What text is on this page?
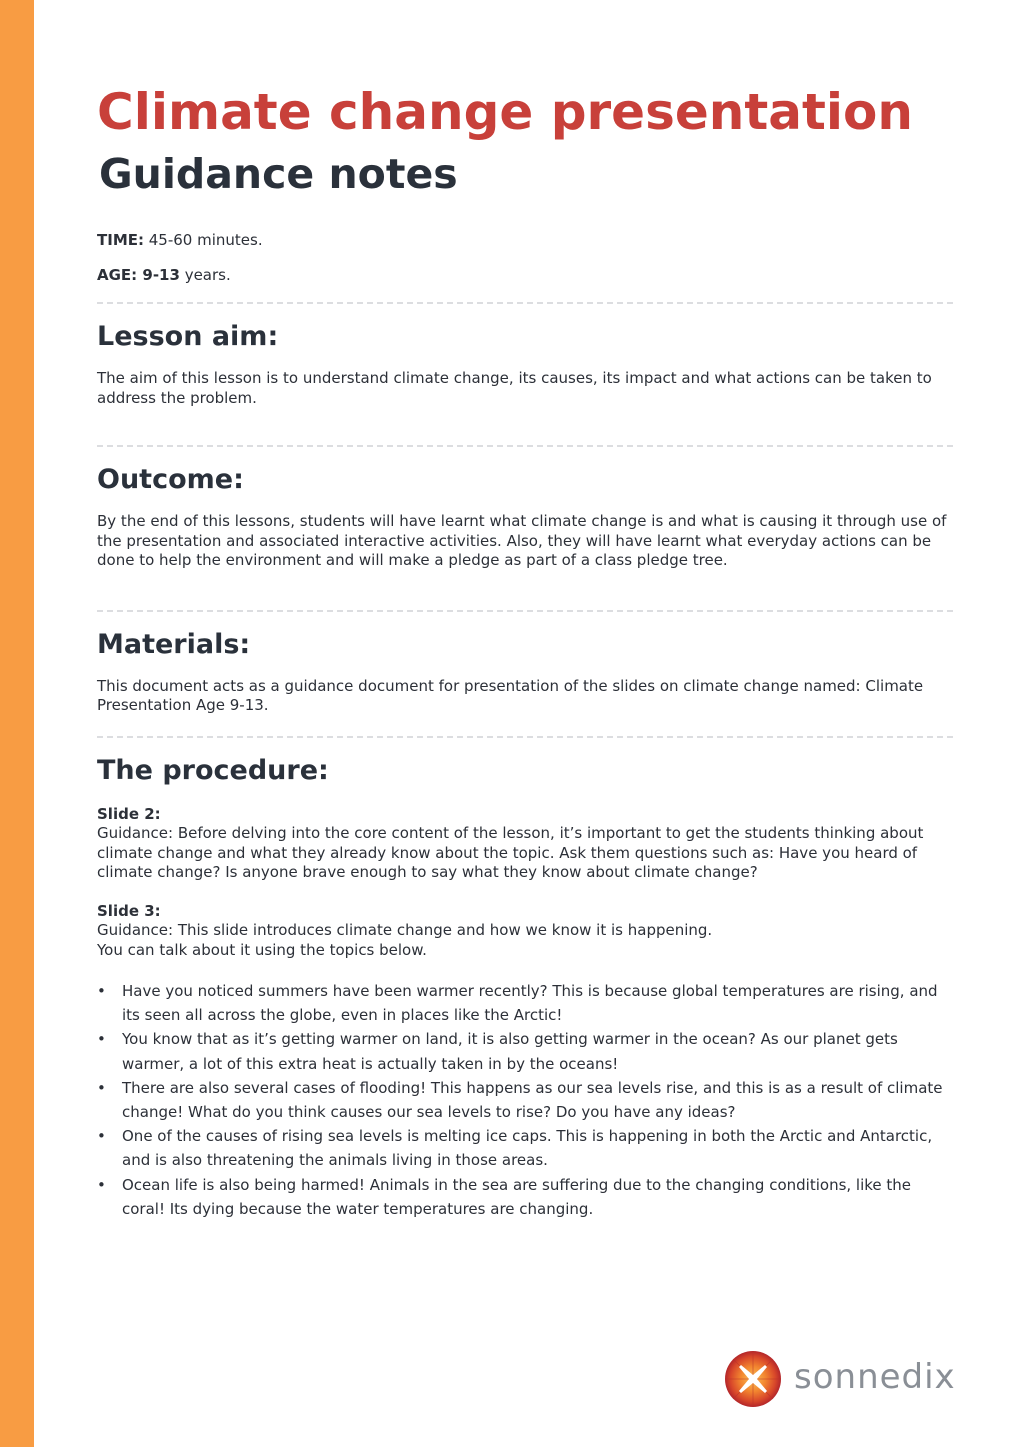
Climate change presentation
Guidance notes

TIME: 45-60 minutes.

AGE: 9-13 years.

Lesson aim:

The aim of this lesson is to understand climate change, its causes, its impact and what actions can be taken to address the problem.

Outcome:

By the end of this lessons, students will have learnt what climate change is and what is causing it through use of the presentation and associated interactive activities. Also, they will have learnt what everyday actions can be done to help the environment and will make a pledge as part of a class pledge tree.

Materials:

This document acts as a guidance document for presentation of the slides on climate change named: Climate Presentation Age 9-13.

The procedure:

Slide 2:
Guidance: Before delving into the core content of the lesson, it’s important to get the students thinking about climate change and what they already know about the topic. Ask them questions such as: Have you heard of climate change? Is anyone brave enough to say what they know about climate change?

Slide 3:
Guidance: This slide introduces climate change and how we know it is happening.
You can talk about it using the topics below.

• Have you noticed summers have been warmer recently? This is because global temperatures are rising, and its seen all across the globe, even in places like the Arctic!
• You know that as it’s getting warmer on land, it is also getting warmer in the ocean? As our planet gets warmer, a lot of this extra heat is actually taken in by the oceans!
• There are also several cases of flooding! This happens as our sea levels rise, and this is as a result of climate change! What do you think causes our sea levels to rise? Do you have any ideas?
• One of the causes of rising sea levels is melting ice caps. This is happening in both the Arctic and Antarctic, and is also threatening the animals living in those areas.
• Ocean life is also being harmed! Animals in the sea are suffering due to the changing conditions, like the coral! Its dying because the water temperatures are changing.
sonnedix
